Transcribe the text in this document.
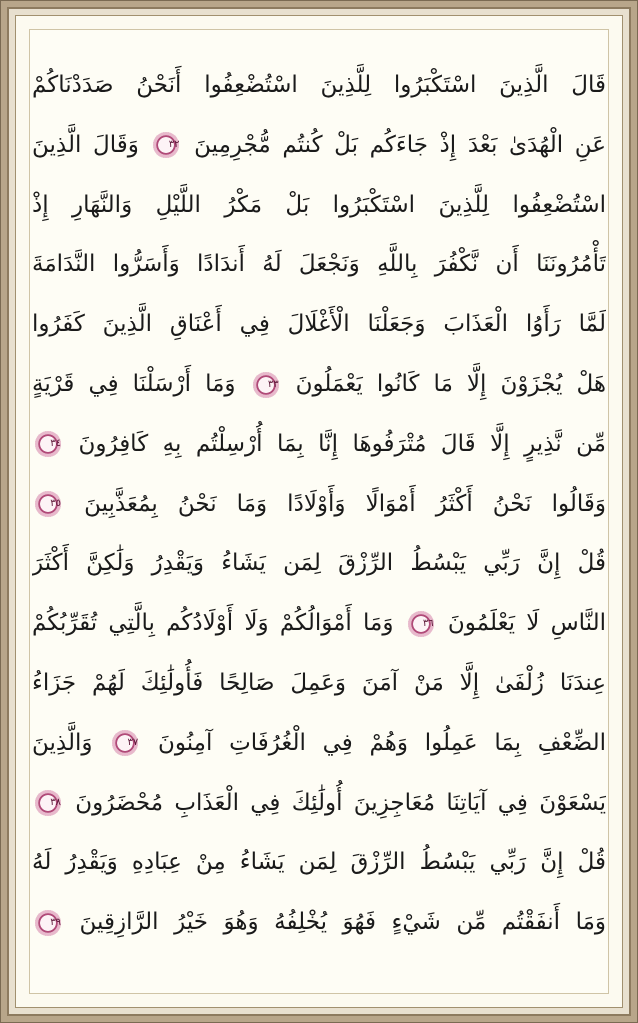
قَالَ الَّذِينَ اسْتَكْبَرُوا لِلَّذِينَ اسْتُضْعِفُوا أَنَحْنُ صَدَدْنَاكُمْ
عَنِ الْهُدَىٰ بَعْدَ إِذْ جَاءَكُم بَلْ كُنتُم مُّجْرِمِينَ ٣٢ وَقَالَ الَّذِينَ
اسْتُضْعِفُوا لِلَّذِينَ اسْتَكْبَرُوا بَلْ مَكْرُ اللَّيْلِ وَالنَّهَارِ إِذْ
تَأْمُرُونَنَا أَن نَّكْفُرَ بِاللَّهِ وَنَجْعَلَ لَهُ أَندَادًا وَأَسَرُّوا النَّدَامَةَ
لَمَّا رَأَوُا الْعَذَابَ وَجَعَلْنَا الْأَغْلَالَ فِي أَعْنَاقِ الَّذِينَ كَفَرُوا
هَلْ يُجْزَوْنَ إِلَّا مَا كَانُوا يَعْمَلُونَ ٣٣ وَمَا أَرْسَلْنَا فِي قَرْيَةٍ
مِّن نَّذِيرٍ إِلَّا قَالَ مُتْرَفُوهَا إِنَّا بِمَا أُرْسِلْتُم بِهِ كَافِرُونَ ٣٤
وَقَالُوا نَحْنُ أَكْثَرُ أَمْوَالًا وَأَوْلَادًا وَمَا نَحْنُ بِمُعَذَّبِينَ ٣٥
قُلْ إِنَّ رَبِّي يَبْسُطُ الرِّزْقَ لِمَن يَشَاءُ وَيَقْدِرُ وَلَٰكِنَّ أَكْثَرَ
النَّاسِ لَا يَعْلَمُونَ ٣٦ وَمَا أَمْوَالُكُمْ وَلَا أَوْلَادُكُم بِالَّتِي تُقَرِّبُكُمْ
عِندَنَا زُلْفَىٰ إِلَّا مَنْ آمَنَ وَعَمِلَ صَالِحًا فَأُولَٰئِكَ لَهُمْ جَزَاءُ
الضِّعْفِ بِمَا عَمِلُوا وَهُمْ فِي الْغُرُفَاتِ آمِنُونَ ٣٧ وَالَّذِينَ
يَسْعَوْنَ فِي آيَاتِنَا مُعَاجِزِينَ أُولَٰئِكَ فِي الْعَذَابِ مُحْضَرُونَ ٣٨
قُلْ إِنَّ رَبِّي يَبْسُطُ الرِّزْقَ لِمَن يَشَاءُ مِنْ عِبَادِهِ وَيَقْدِرُ لَهُ
وَمَا أَنفَقْتُم مِّن شَيْءٍ فَهُوَ يُخْلِفُهُ وَهُوَ خَيْرُ الرَّازِقِينَ ٣٩
